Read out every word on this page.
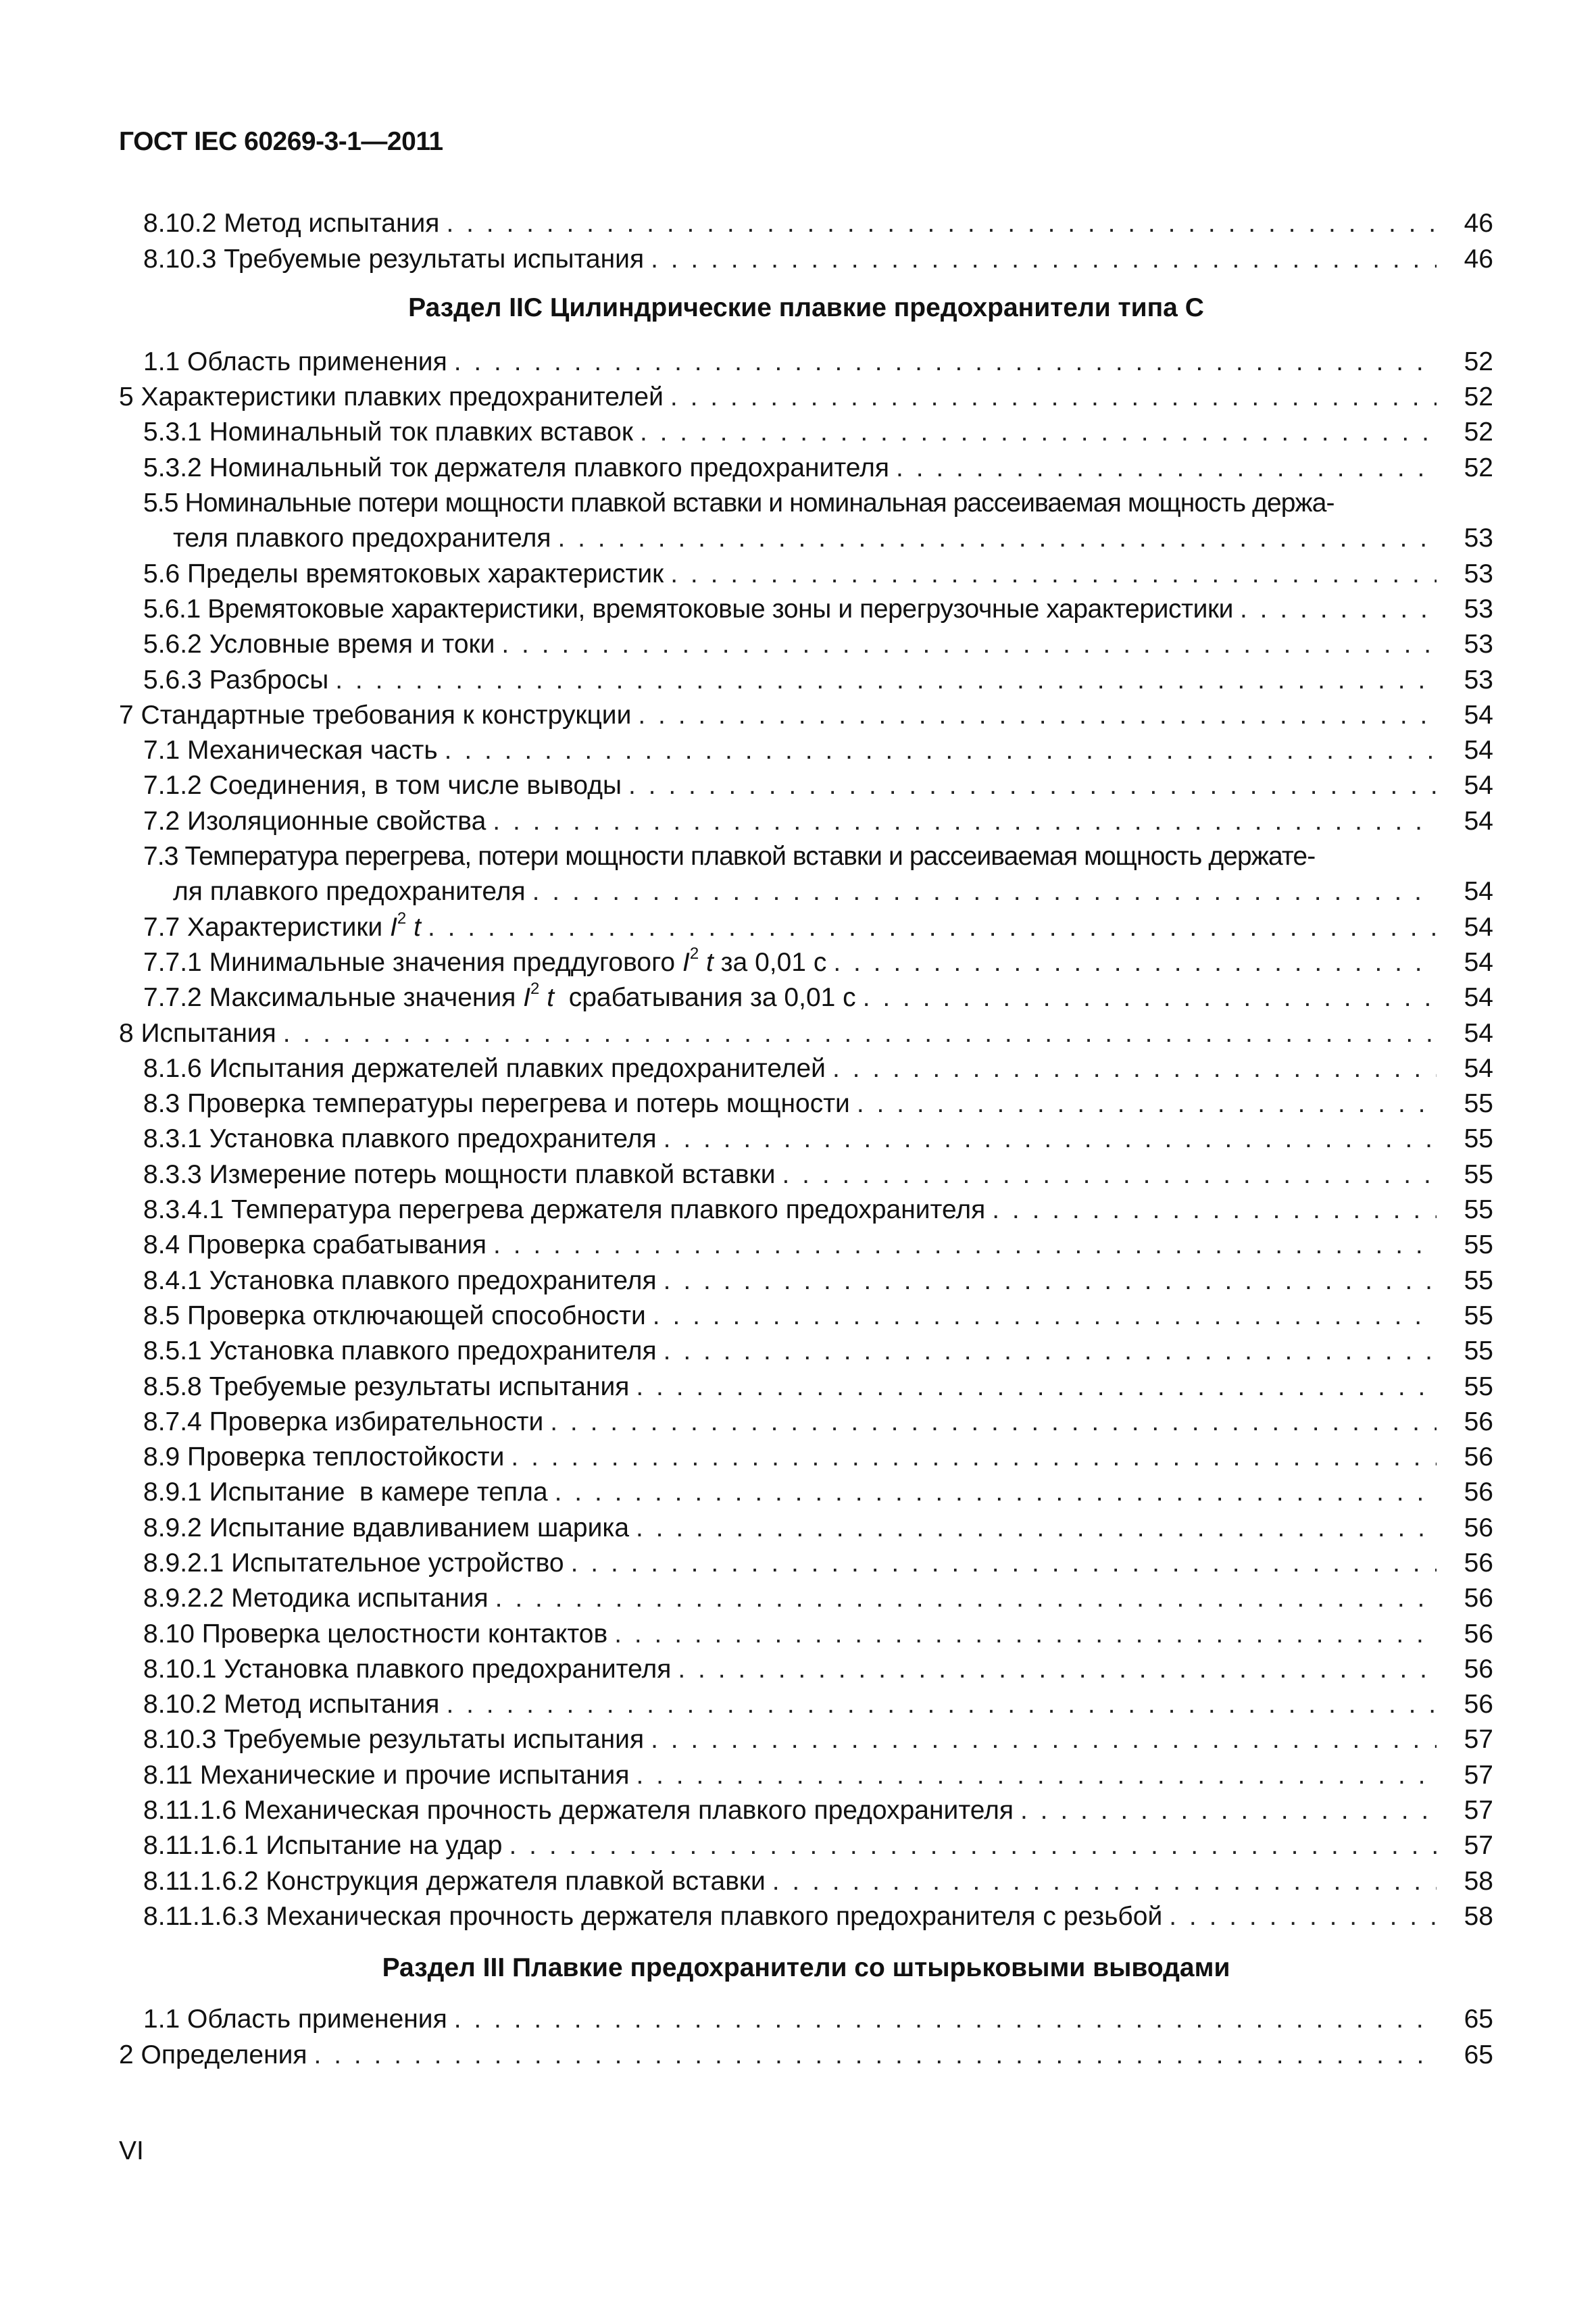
ГОСТ IEC 60269-3-1—2011
8.10.2 Метод испытания . . .	46
8.10.3 Требуемые результаты испытания . . .	46
Раздел IIС Цилиндрические плавкие предохранители типа С
1.1 Область применения . . .	52
5 Характеристики плавких предохранителей . . .	52
5.3.1 Номинальный ток плавких вставок . . .	52
5.3.2 Номинальный ток держателя плавкого предохранителя . . .	52
5.5 Номинальные потери мощности плавкой вставки и номинальная рассеиваемая мощность держа-
теля плавкого предохранителя . . .	53
5.6 Пределы времятоковых характеристик . . .	53
5.6.1 Времятоковые характеристики, времятоковые зоны и перегрузочные характеристики . . .	53
5.6.2 Условные время и токи . . .	53
5.6.3 Разбросы . . .	53
7 Стандартные требования к конструкции . . .	54
7.1 Механическая часть . . .	54
7.1.2 Соединения, в том числе выводы . . .	54
7.2 Изоляционные свойства . . .	54
7.3 Температура перегрева, потери мощности плавкой вставки и рассеиваемая мощность держате-
ля плавкого предохранителя . . .	54
7.7 Характеристики $I^2$ t . . .	54
7.7.1 Минимальные значения преддугового $I^2$ t за 0,01 с . . .	54
7.7.2 Максимальные значения $I^2$ t  срабатывания за 0,01 с . . .	54
8 Испытания . . .	54
8.1.6 Испытания держателей плавких предохранителей . . .	54
8.3 Проверка температуры перегрева и потерь мощности . . .	55
8.3.1 Установка плавкого предохранителя . . .	55
8.3.3 Измерение потерь мощности плавкой вставки . . .	55
8.3.4.1 Температура перегрева держателя плавкого предохранителя . . .	55
8.4 Проверка срабатывания . . .	55
8.4.1 Установка плавкого предохранителя . . .	55
8.5 Проверка отключающей способности . . .	55
8.5.1 Установка плавкого предохранителя . . .	55
8.5.8 Требуемые результаты испытания . . .	55
8.7.4 Проверка избирательности . . .	56
8.9 Проверка теплостойкости . . .	56
8.9.1 Испытание  в камере тепла . . .	56
8.9.2 Испытание вдавливанием шарика . . .	56
8.9.2.1 Испытательное устройство . . .	56
8.9.2.2 Методика испытания . . .	56
8.10 Проверка целостности контактов . . .	56
8.10.1 Установка плавкого предохранителя . . .	56
8.10.2 Метод испытания . . .	56
8.10.3 Требуемые результаты испытания . . .	57
8.11 Механические и прочие испытания . . .	57
8.11.1.6 Механическая прочность держателя плавкого предохранителя . . .	57
8.11.1.6.1 Испытание на удар . . .	57
8.11.1.6.2 Конструкция держателя плавкой вставки . . .	58
8.11.1.6.3 Механическая прочность держателя плавкого предохранителя с резьбой . . .	58
Раздел III Плавкие предохранители со штырьковыми выводами
1.1 Область применения . . .	65
2 Определения . . .	65
VI
